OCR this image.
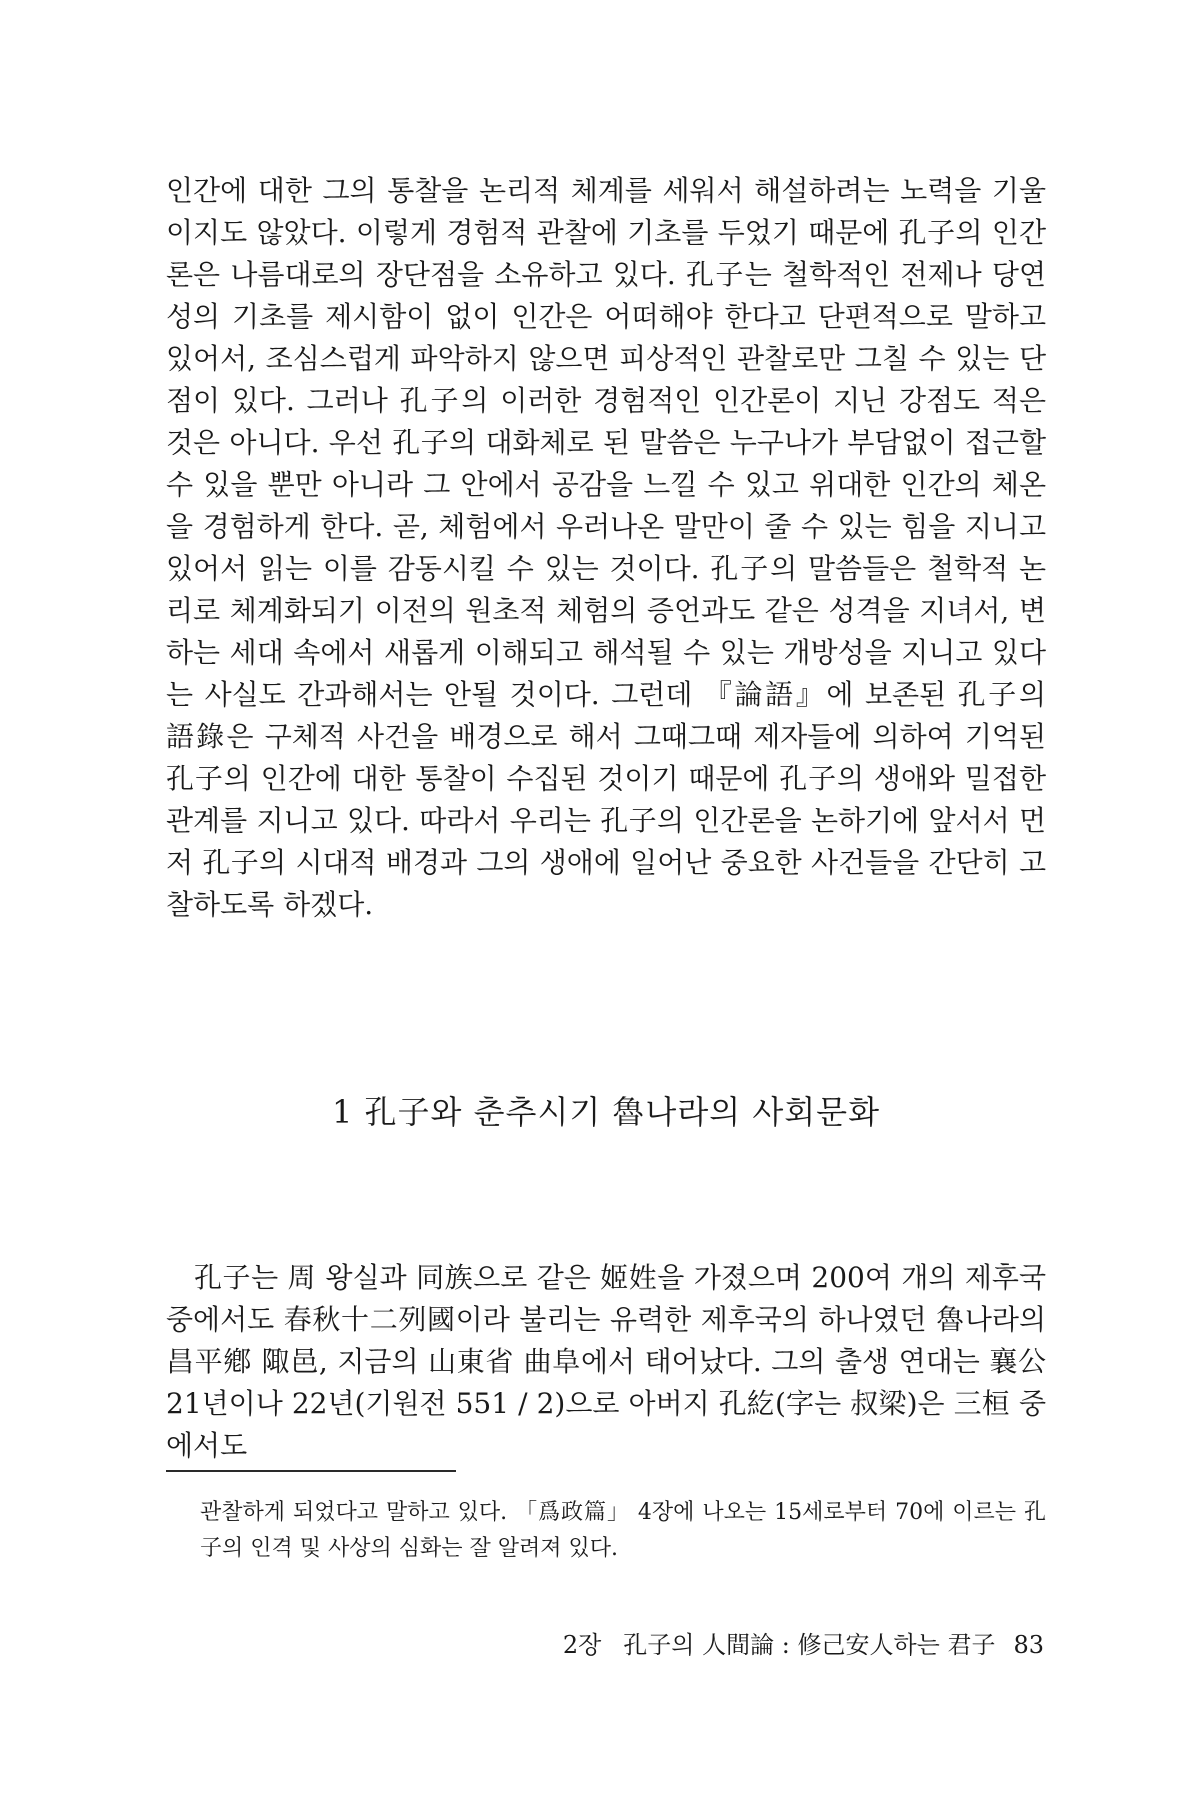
인간에 대한 그의 통찰을 논리적 체계를 세워서 해설하려는 노력을 기울이지도 않았다. 이렇게 경험적 관찰에 기초를 두었기 때문에 孔子의 인간론은 나름대로의 장단점을 소유하고 있다. 孔子는 철학적인 전제나 당연성의 기초를 제시함이 없이 인간은 어떠해야 한다고 단편적으로 말하고 있어서, 조심스럽게 파악하지 않으면 피상적인 관찰로만 그칠 수 있는 단점이 있다. 그러나 孔子의 이러한 경험적인 인간론이 지닌 강점도 적은 것은 아니다. 우선 孔子의 대화체로 된 말씀은 누구나가 부담없이 접근할 수 있을 뿐만 아니라 그 안에서 공감을 느낄 수 있고 위대한 인간의 체온을 경험하게 한다. 곧, 체험에서 우러나온 말만이 줄 수 있는 힘을 지니고 있어서 읽는 이를 감동시킬 수 있는 것이다. 孔子의 말씀들은 철학적 논리로 체계화되기 이전의 원초적 체험의 증언과도 같은 성격을 지녀서, 변하는 세대 속에서 새롭게 이해되고 해석될 수 있는 개방성을 지니고 있다는 사실도 간과해서는 안될 것이다. 그런데 『論語』에 보존된 孔子의 語錄은 구체적 사건을 배경으로 해서 그때그때 제자들에 의하여 기억된 孔子의 인간에 대한 통찰이 수집된 것이기 때문에 孔子의 생애와 밀접한 관계를 지니고 있다. 따라서 우리는 孔子의 인간론을 논하기에 앞서서 먼저 孔子의 시대적 배경과 그의 생애에 일어난 중요한 사건들을 간단히 고찰하도록 하겠다.

1 孔子와 춘추시기 魯나라의 사회문화

孔子는 周 왕실과 同族으로 같은 姬姓을 가졌으며 200여 개의 제후국 중에서도 春秋十二列國이라 불리는 유력한 제후국의 하나였던 魯나라의 昌平鄕 陬邑, 지금의 山東省 曲阜에서 태어났다. 그의 출생 연대는 襄公 21년이나 22년(기원전 551 / 2)으로 아버지 孔紇(字는 叔梁)은 三桓 중에서도

관찰하게 되었다고 말하고 있다. 「爲政篇」 4장에 나오는 15세로부터 70에 이르는 孔子의 인격 및 사상의 심화는 잘 알려져 있다.

2장 孔子의 人間論 : 修己安人하는 君子 83
